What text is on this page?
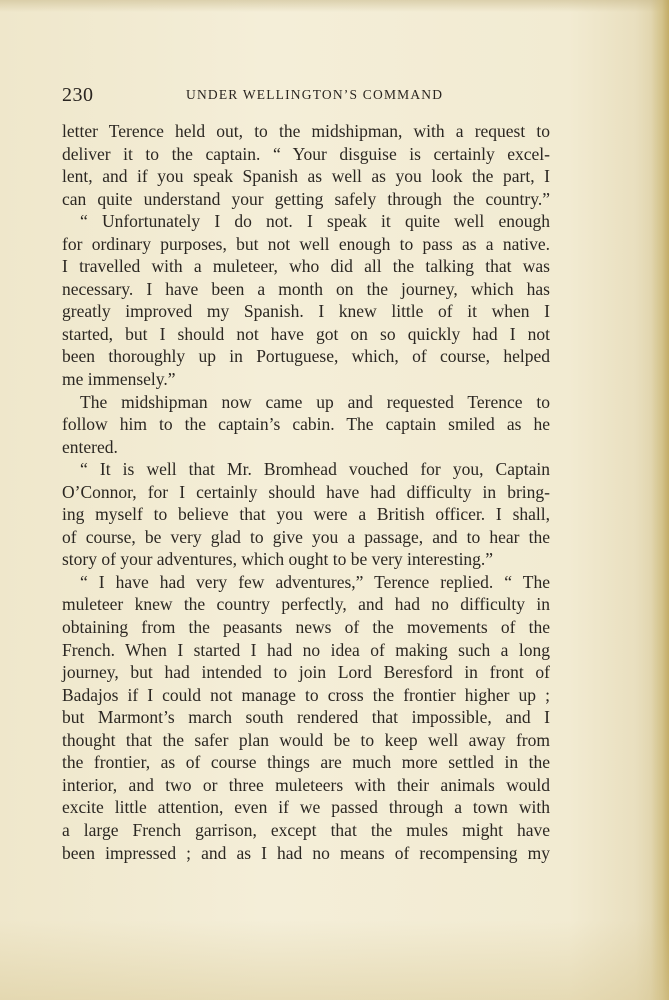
230	UNDER WELLINGTON’S COMMAND
letter Terence held out, to the midshipman, with a request to
deliver it to the captain. “ Your disguise is certainly excel-
lent, and if you speak Spanish as well as you look the part, I
can quite understand your getting safely through the country.”
“ Unfortunately I do not. I speak it quite well enough
for ordinary purposes, but not well enough to pass as a native.
I travelled with a muleteer, who did all the talking that was
necessary. I have been a month on the journey, which has
greatly improved my Spanish. I knew little of it when I
started, but I should not have got on so quickly had I not
been thoroughly up in Portuguese, which, of course, helped
me immensely.”
The midshipman now came up and requested Terence to
follow him to the captain’s cabin. The captain smiled as he
entered.
“ It is well that Mr. Bromhead vouched for you, Captain
O’Connor, for I certainly should have had difficulty in bring-
ing myself to believe that you were a British officer. I shall,
of course, be very glad to give you a passage, and to hear the
story of your adventures, which ought to be very interesting.”
“ I have had very few adventures,” Terence replied. “ The
muleteer knew the country perfectly, and had no difficulty in
obtaining from the peasants news of the movements of the
French. When I started I had no idea of making such a long
journey, but had intended to join Lord Beresford in front of
Badajos if I could not manage to cross the frontier higher up ;
but Marmont’s march south rendered that impossible, and I
thought that the safer plan would be to keep well away from
the frontier, as of course things are much more settled in the
interior, and two or three muleteers with their animals would
excite little attention, even if we passed through a town with
a large French garrison, except that the mules might have
been impressed ; and as I had no means of recompensing my
